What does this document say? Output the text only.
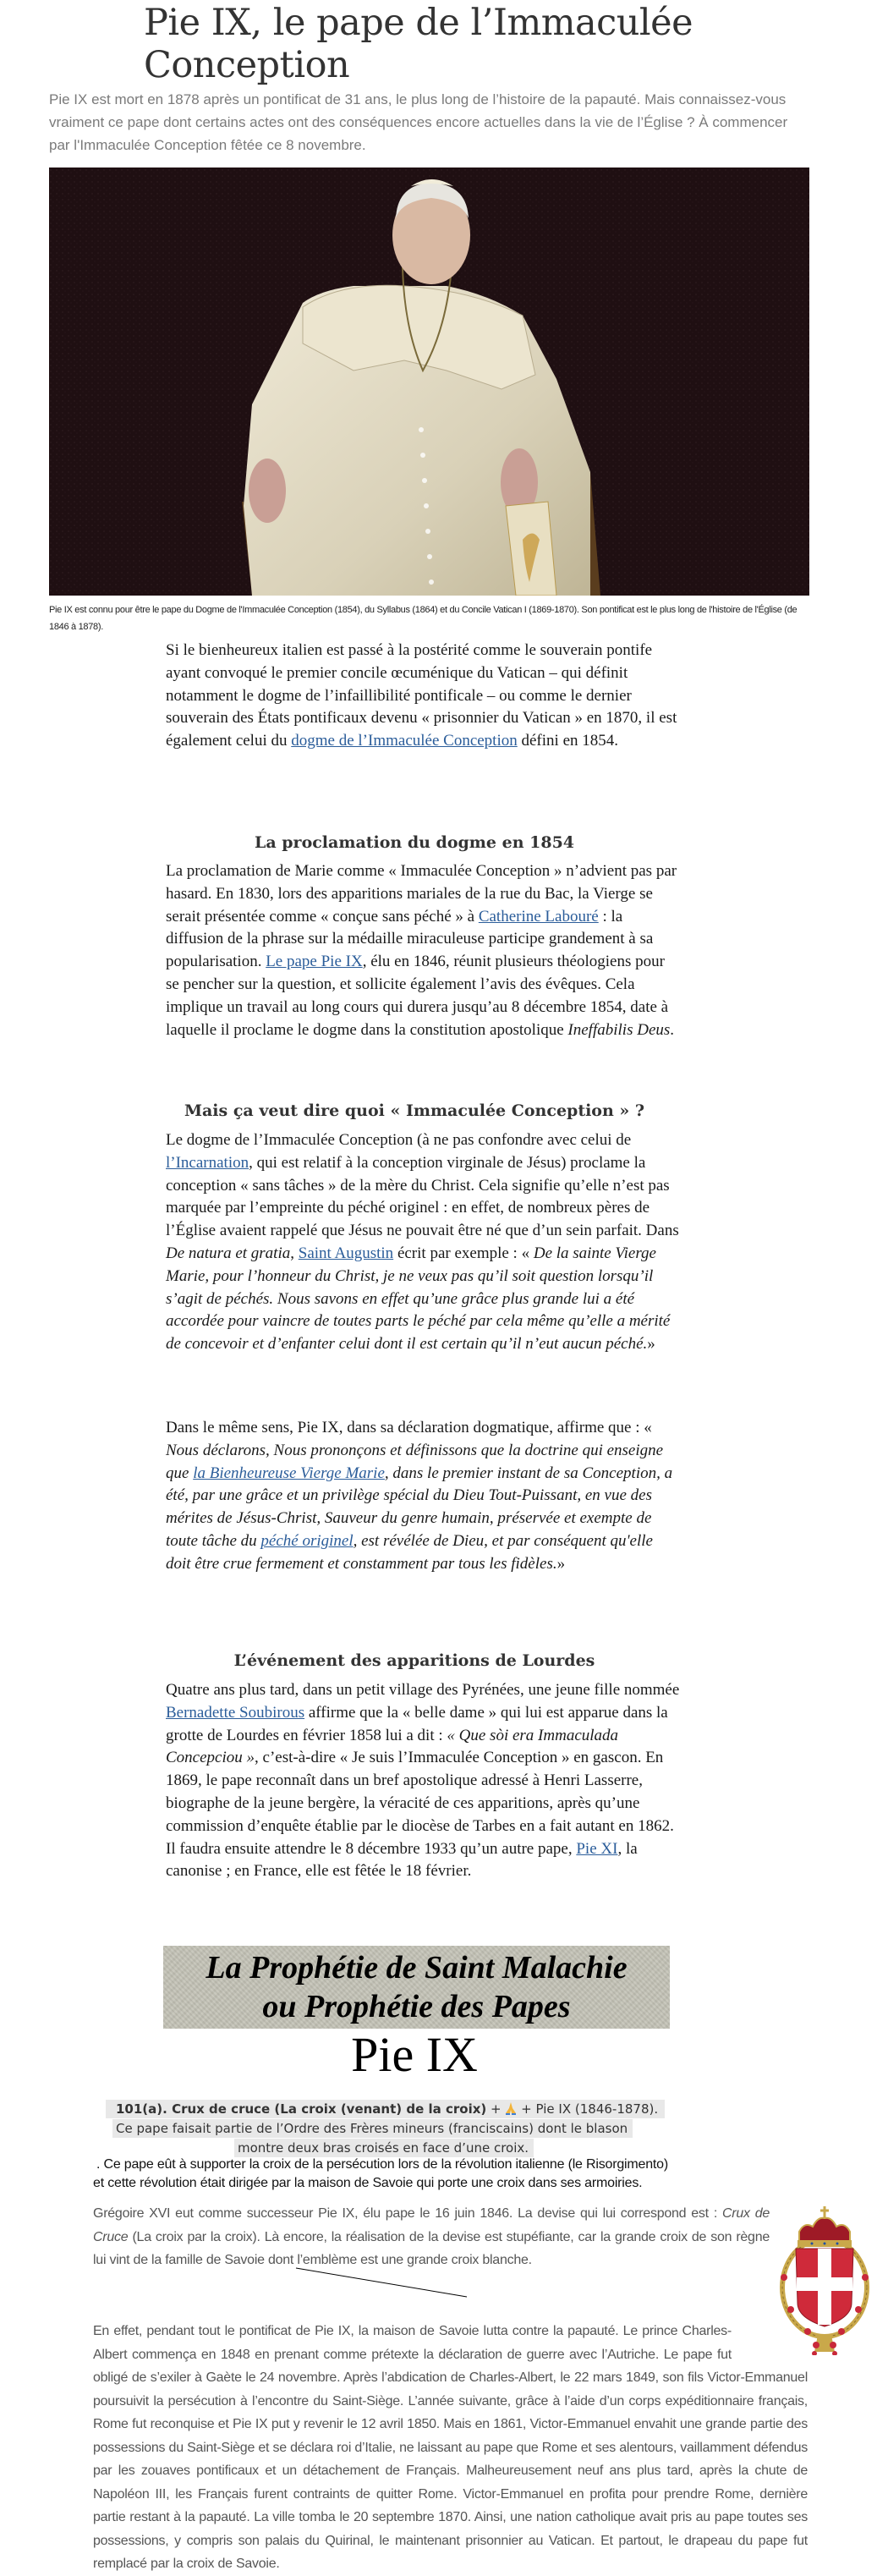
Pie IX, le pape de l’Immaculée Conception

Pie IX est mort en 1878 après un pontificat de 31 ans, le plus long de l’histoire de la papauté. Mais connaissez-vous vraiment ce pape dont certains actes ont des conséquences encore actuelles dans la vie de l’Église ? À commencer par l'Immaculée Conception fêtée ce 8 novembre.

Pie IX est connu pour être le pape du Dogme de l'Immaculée Conception (1854), du Syllabus (1864) et du Concile Vatican I (1869-1870). Son pontificat est le plus long de l'histoire de l'Église (de 1846 à 1878).

Si le bienheureux italien est passé à la postérité comme le souverain pontife ayant convoqué le premier concile œcuménique du Vatican – qui définit notamment le dogme de l’infaillibilité pontificale – ou comme le dernier souverain des États pontificaux devenu « prisonnier du Vatican » en 1870, il est également celui du dogme de l’Immaculée Conception défini en 1854.

La proclamation du dogme en 1854

La proclamation de Marie comme « Immaculée Conception » n’advient pas par hasard. En 1830, lors des apparitions mariales de la rue du Bac, la Vierge se serait présentée comme « conçue sans péché » à Catherine Labouré : la diffusion de la phrase sur la médaille miraculeuse participe grandement à sa popularisation. Le pape Pie IX, élu en 1846, réunit plusieurs théologiens pour se pencher sur la question, et sollicite également l’avis des évêques. Cela implique un travail au long cours qui durera jusqu’au 8 décembre 1854, date à laquelle il proclame le dogme dans la constitution apostolique Ineffabilis Deus.

Mais ça veut dire quoi « Immaculée Conception » ?

Le dogme de l’Immaculée Conception (à ne pas confondre avec celui de l’Incarnation, qui est relatif à la conception virginale de Jésus) proclame la conception « sans tâches » de la mère du Christ. Cela signifie qu’elle n’est pas marquée par l’empreinte du péché originel : en effet, de nombreux pères de l’Église avaient rappelé que Jésus ne pouvait être né que d’un sein parfait. Dans De natura et gratia, Saint Augustin écrit par exemple : « De la sainte Vierge Marie, pour l’honneur du Christ, je ne veux pas qu’il soit question lorsqu’il s’agit de péchés. Nous savons en effet qu’une grâce plus grande lui a été accordée pour vaincre de toutes parts le péché par cela même qu’elle a mérité de concevoir et d’enfanter celui dont il est certain qu’il n’eut aucun péché.»

Dans le même sens, Pie IX, dans sa déclaration dogmatique, affirme que : « Nous déclarons, Nous prononçons et définissons que la doctrine qui enseigne que la Bienheureuse Vierge Marie, dans le premier instant de sa Conception, a été, par une grâce et un privilège spécial du Dieu Tout-Puissant, en vue des mérites de Jésus-Christ, Sauveur du genre humain, préservée et exempte de toute tâche du péché originel, est révélée de Dieu, et par conséquent qu'elle doit être crue fermement et constamment par tous les fidèles.»

L’événement des apparitions de Lourdes

Quatre ans plus tard, dans un petit village des Pyrénées, une jeune fille nommée Bernadette Soubirous affirme que la « belle dame » qui lui est apparue dans la grotte de Lourdes en février 1858 lui a dit : « Que sòi era Immaculada Concepciou », c’est-à-dire « Je suis l’Immaculée Conception » en gascon. En 1869, le pape reconnaît dans un bref apostolique adressé à Henri Lasserre, biographe de la jeune bergère, la véracité de ces apparitions, après qu’une commission d’enquête établie par le diocèse de Tarbes en a fait autant en 1862. Il faudra ensuite attendre le 8 décembre 1933 qu’un autre pape, Pie XI, la canonise ; en France, elle est fêtée le 18 février.

La Prophétie de Saint Malachie
ou Prophétie des Papes
Pie IX
101(a). Crux de cruce (La croix (venant) de la croix) + + Pie IX (1846-1878).
Ce pape faisait partie de l’Ordre des Frères mineurs (franciscains) dont le blason
montre deux bras croisés en face d’une croix.
. Ce pape eût à supporter la croix de la persécution lors de la révolution italienne (le Risorgimento)
et cette révolution était dirigée par la maison de Savoie qui porte une croix dans ses armoiries.

Grégoire XVI eut comme successeur Pie IX, élu pape le 16 juin 1846. La devise qui lui correspond est : Crux de Cruce (La croix par la croix). Là encore, la réalisation de la devise est stupéfiante, car la grande croix de son règne lui vint de la famille de Savoie dont l’emblème est une grande croix blanche.

En effet, pendant tout le pontificat de Pie IX, la maison de Savoie lutta contre la papauté. Le prince Charles-Albert commença en 1848 en prenant comme prétexte la déclaration de guerre avec l’Autriche. Le pape fut obligé de s’exiler à Gaète le 24 novembre. Après l’abdication de Charles-Albert, le 22 mars 1849, son fils Victor-Emmanuel poursuivit la persécution à l’encontre du Saint-Siège. L’année suivante, grâce à l’aide d’un corps expéditionnaire français, Rome fut reconquise et Pie IX put y revenir le 12 avril 1850. Mais en 1861, Victor-Emmanuel envahit une grande partie des possessions du Saint-Siège et se déclara roi d’Italie, ne laissant au pape que Rome et ses alentours, vaillamment défendus par les zouaves pontificaux et un détachement de Français. Malheureusement neuf ans plus tard, après la chute de Napoléon III, les Français furent contraints de quitter Rome. Victor-Emmanuel en profita pour prendre Rome, dernière partie restant à la papauté. La ville tomba le 20 septembre 1870. Ainsi, une nation catholique avait pris au pape toutes ses possessions, y compris son palais du Quirinal, le maintenant prisonnier au Vatican. Et partout, le drapeau du pape fut remplacé par la croix de Savoie.
